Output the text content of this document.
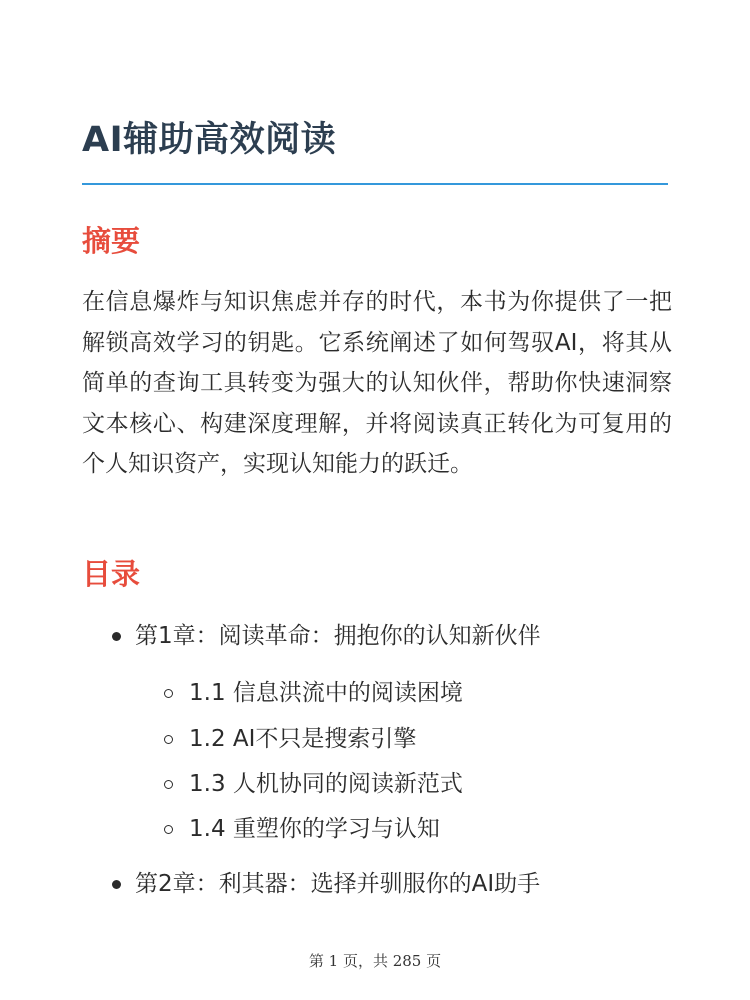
AI辅助高效阅读
摘要

在信息爆炸与知识焦虑并存的时代，本书为你提供了一把解锁高效学习的钥匙。它系统阐述了如何驾驭AI，将其从简单的查询工具转变为强大的认知伙伴，帮助你快速洞察文本核心、构建深度理解，并将阅读真正转化为可复用的个人知识资产，实现认知能力的跃迁。

目录
第1章：阅读革命：拥抱你的认知新伙伴
1.1 信息洪流中的阅读困境
1.2 AI不只是搜索引擎
1.3 人机协同的阅读新范式
1.4 重塑你的学习与认知
第2章：利其器：选择并驯服你的AI助手
第 1 页，共 285 页
